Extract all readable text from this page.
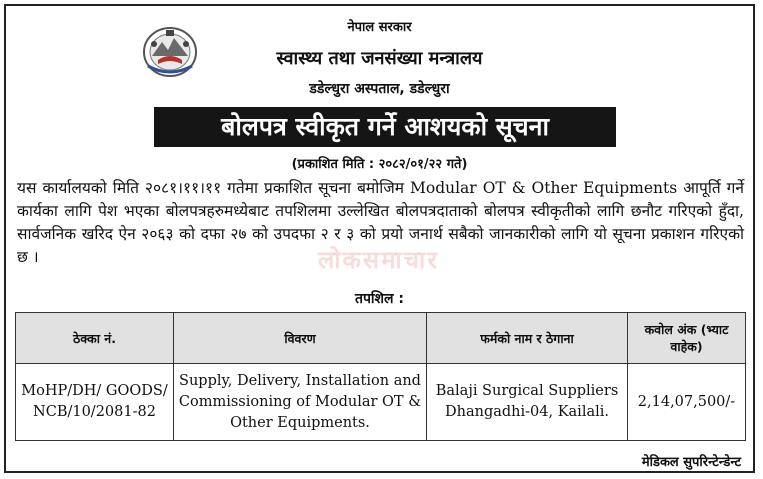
नेपाल सरकार
स्वास्थ्य तथा जनसंख्या मन्त्रालय
डडेल्धुरा अस्पताल, डडेल्धुरा
बोलपत्र स्वीकृत गर्ने आशयको सूचना
(प्रकाशित मिति : २०८२/०१/२२ गते)

यस कार्यालयको मिति २०८१।११।११ गतेमा प्रकाशित सूचना बमोजिम Modular OT & Other Equipments आपूर्ति गर्ने कार्यका लागि पेश भएका बोलपत्रहरुमध्येबाट तपशिलमा उल्लेखित बोलपत्रदाताको बोलपत्र स्वीकृतीको लागि छनौट गरिएको हुँदा, सार्वजनिक खरिद ऐन २०६३ को दफा २७ को उपदफा २ र ३ को प्रयो जनार्थ सबैको जानकारीको लागि यो सूचना प्रकाशन गरिएको छ ।	लोकसमाचार
तपशिल :
ठेक्का नं.	विवरण	फर्मको नाम र ठेगाना	कवोल अंक (भ्याट वाहेक)
MoHP/DH/ GOODS/ NCB/10/2081-82	Supply, Delivery, Installation and Commissioning of Modular OT & Other Equipments.	Balaji Surgical Suppliers Dhangadhi-04, Kailali.	2,14,07,500/-
मेडिकल सुपरिन्टेन्डेन्ट
